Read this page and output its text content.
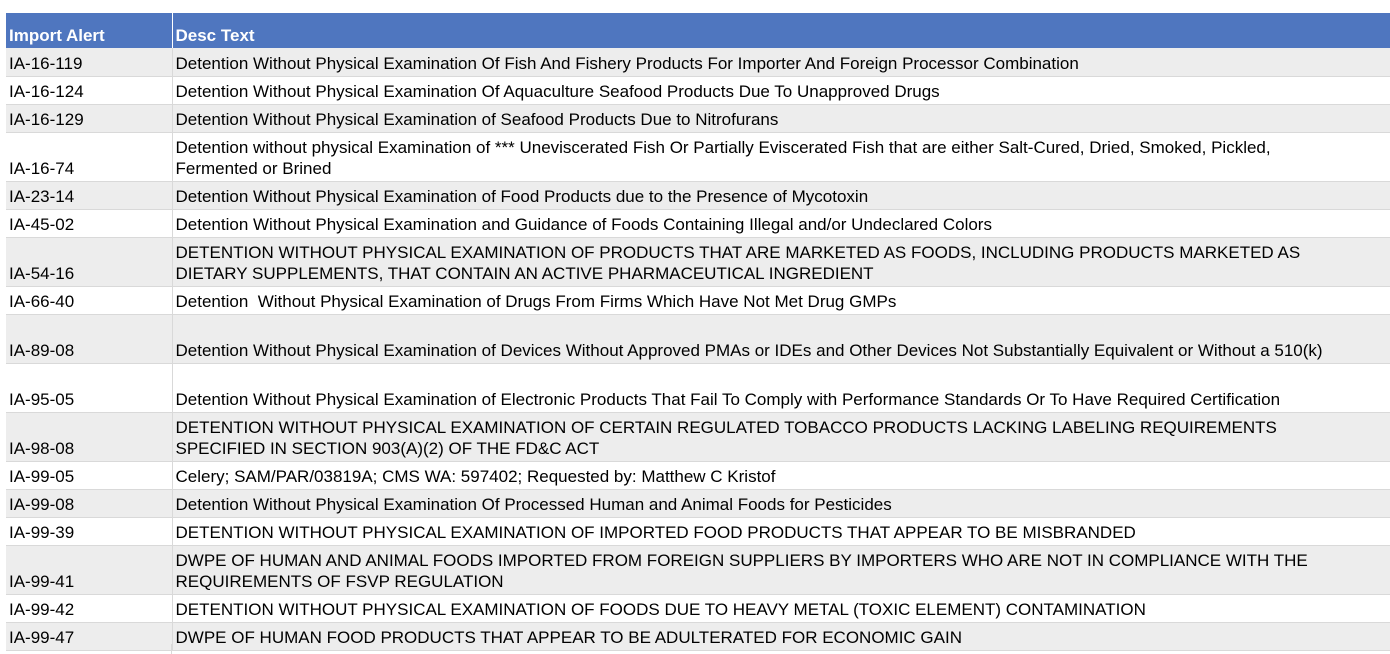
Import Alert	Desc Text
IA-16-119	Detention Without Physical Examination Of Fish And Fishery Products For Importer And Foreign Processor Combination
IA-16-124	Detention Without Physical Examination Of Aquaculture Seafood Products Due To Unapproved Drugs
IA-16-129	Detention Without Physical Examination of Seafood Products Due to Nitrofurans
IA-16-74	Detention without physical Examination of *** Uneviscerated Fish Or Partially Eviscerated Fish that are either Salt-Cured, Dried, Smoked, Pickled, Fermented or Brined
IA-23-14	Detention Without Physical Examination of Food Products due to the Presence of Mycotoxin
IA-45-02	Detention Without Physical Examination and Guidance of Foods Containing Illegal and/or Undeclared Colors
IA-54-16	DETENTION WITHOUT PHYSICAL EXAMINATION OF PRODUCTS THAT ARE MARKETED AS FOODS, INCLUDING PRODUCTS MARKETED AS DIETARY SUPPLEMENTS, THAT CONTAIN AN ACTIVE PHARMACEUTICAL INGREDIENT
IA-66-40	Detention  Without Physical Examination of Drugs From Firms Which Have Not Met Drug GMPs
IA-89-08	Detention Without Physical Examination of Devices Without Approved PMAs or IDEs and Other Devices Not Substantially Equivalent or Without a 510(k)
IA-95-05	Detention Without Physical Examination of Electronic Products That Fail To Comply with Performance Standards Or To Have Required Certification
IA-98-08	DETENTION WITHOUT PHYSICAL EXAMINATION OF CERTAIN REGULATED TOBACCO PRODUCTS LACKING LABELING REQUIREMENTS SPECIFIED IN SECTION 903(A)(2) OF THE FD&C ACT
IA-99-05	Celery; SAM/PAR/03819A; CMS WA: 597402; Requested by: Matthew C Kristof
IA-99-08	Detention Without Physical Examination Of Processed Human and Animal Foods for Pesticides
IA-99-39	DETENTION WITHOUT PHYSICAL EXAMINATION OF IMPORTED FOOD PRODUCTS THAT APPEAR TO BE MISBRANDED
IA-99-41	DWPE OF HUMAN AND ANIMAL FOODS IMPORTED FROM FOREIGN SUPPLIERS BY IMPORTERS WHO ARE NOT IN COMPLIANCE WITH THE REQUIREMENTS OF FSVP REGULATION
IA-99-42	DETENTION WITHOUT PHYSICAL EXAMINATION OF FOODS DUE TO HEAVY METAL (TOXIC ELEMENT) CONTAMINATION
IA-99-47	DWPE OF HUMAN FOOD PRODUCTS THAT APPEAR TO BE ADULTERATED FOR ECONOMIC GAIN
